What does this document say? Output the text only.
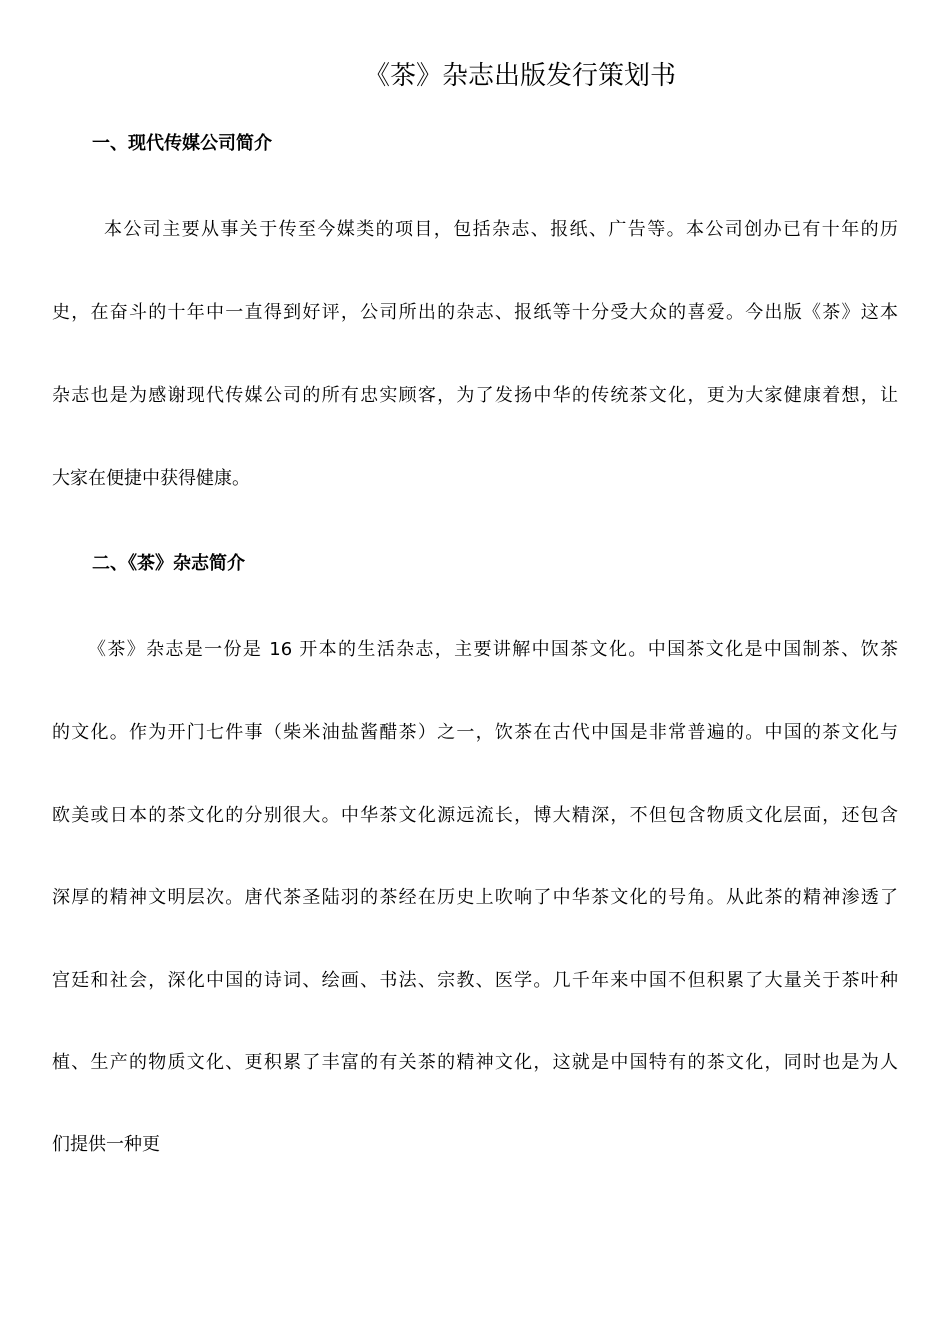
《茶》杂志出版发行策划书
一、现代传媒公司简介
本公司主要从事关于传至今媒类的项目，包括杂志、报纸、广告等。本公司创办已有十年的历
史，在奋斗的十年中一直得到好评，公司所出的杂志、报纸等十分受大众的喜爱。今出版《茶》这本
杂志也是为感谢现代传媒公司的所有忠实顾客，为了发扬中华的传统茶文化，更为大家健康着想，让
大家在便捷中获得健康。
二、《茶》杂志简介
《茶》杂志是一份是 16 开本的生活杂志，主要讲解中国茶文化。中国茶文化是中国制茶、饮茶
的文化。作为开门七件事（柴米油盐酱醋茶）之一，饮茶在古代中国是非常普遍的。中国的茶文化与
欧美或日本的茶文化的分别很大。中华茶文化源远流长，博大精深，不但包含物质文化层面，还包含
深厚的精神文明层次。唐代茶圣陆羽的茶经在历史上吹响了中华茶文化的号角。从此茶的精神渗透了
宫廷和社会，深化中国的诗词、绘画、书法、宗教、医学。几千年来中国不但积累了大量关于茶叶种
植、生产的物质文化、更积累了丰富的有关茶的精神文化，这就是中国特有的茶文化，同时也是为人
们提供一种更
